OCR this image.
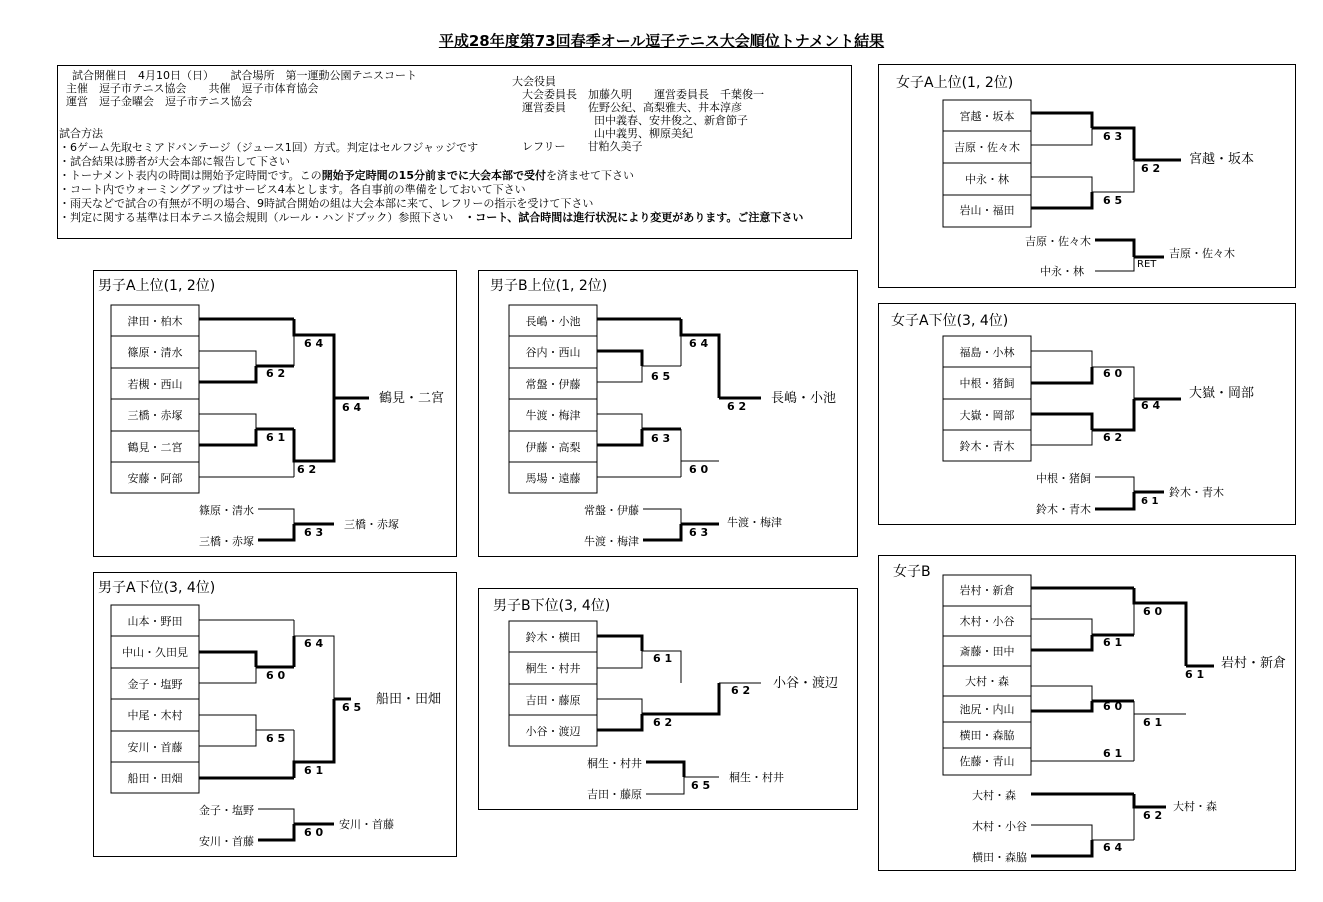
平成28年度第73回春季オール逗子テニス大会順位トナメント結果
試合開催日　4月10日（日）　　試合場所　第一運動公園テニスコート
主催　逗子市テニス協会　　共催　逗子市体育協会
運営　逗子金曜会　逗子市テニス協会
試合方法
・6ゲーム先取セミアドバンテージ（ジュース1回）方式。判定はセルフジャッジです
・試合結果は勝者が大会本部に報告して下さい
・トーナメント表内の時間は開始予定時間です。この開始予定時間の15分前までに大会本部で受付を済ませて下さい
・コート内でウォーミングアップはサービス4本とします。各自事前の準備をしておいて下さい
・雨天などで試合の有無が不明の場合、9時試合開始の組は大会本部に来て、レフリーの指示を受けて下さい
・判定に関する基準は日本テニス協会規則（ルール・ハンドブック）参照下さい　 ・コート、試合時間は進行状況により変更があります。ご注意下さい
大会役員
大会委員長　加藤久明　　運営委員長　千葉俊一
運営委員　　佐野公紀、高梨雅夫、井本淳彦
田中義春、安井俊之、新倉節子
山中義男、柳原美紀
レフリー　　甘粕久美子
女子A上位(1, 2位)
宮越・坂本
吉原・佐々木
中永・林
岩山・福田
6 3
6 5
6 2
宮越・坂本
吉原・佐々木
中永・林
RET
吉原・佐々木
女子A下位(3, 4位)
福島・小林
中根・猪飼
大嶽・岡部
鈴木・青木
6 0
6 2
6 4
大嶽・岡部
中根・猪飼
鈴木・青木
6 1
鈴木・青木
女子B
岩村・新倉
木村・小谷
斎藤・田中
大村・森
池尻・内山
横田・森脇
佐藤・青山
6 1
6 0
6 0
6 1
6 1
6 1
岩村・新倉
大村・森
木村・小谷
横田・森脇
6 2
6 4
大村・森
男子A上位(1, 2位)
津田・柏木
篠原・清水
若槻・西山
三橋・赤塚
鶴見・二宮
安藤・阿部
6 2
6 4
6 1
6 2
6 4
鶴見・二宮
篠原・清水
三橋・赤塚
6 3
三橋・赤塚
男子B上位(1, 2位)
長嶋・小池
谷内・西山
常盤・伊藤
牛渡・梅津
伊藤・高梨
馬場・遠藤
6 5
6 4
6 3
6 0
6 2
長嶋・小池
常盤・伊藤
牛渡・梅津
6 3
牛渡・梅津
男子A下位(3, 4位)
山本・野田
中山・久田見
金子・塩野
中尾・木村
安川・首藤
船田・田畑
6 0
6 4
6 5
6 1
6 5
船田・田畑
金子・塩野
安川・首藤
6 0
安川・首藤
男子B下位(3, 4位)
鈴木・横田
桐生・村井
吉田・藤原
小谷・渡辺
6 1
6 2
6 2 小谷・渡辺
桐生・村井
吉田・藤原
6 5
桐生・村井
